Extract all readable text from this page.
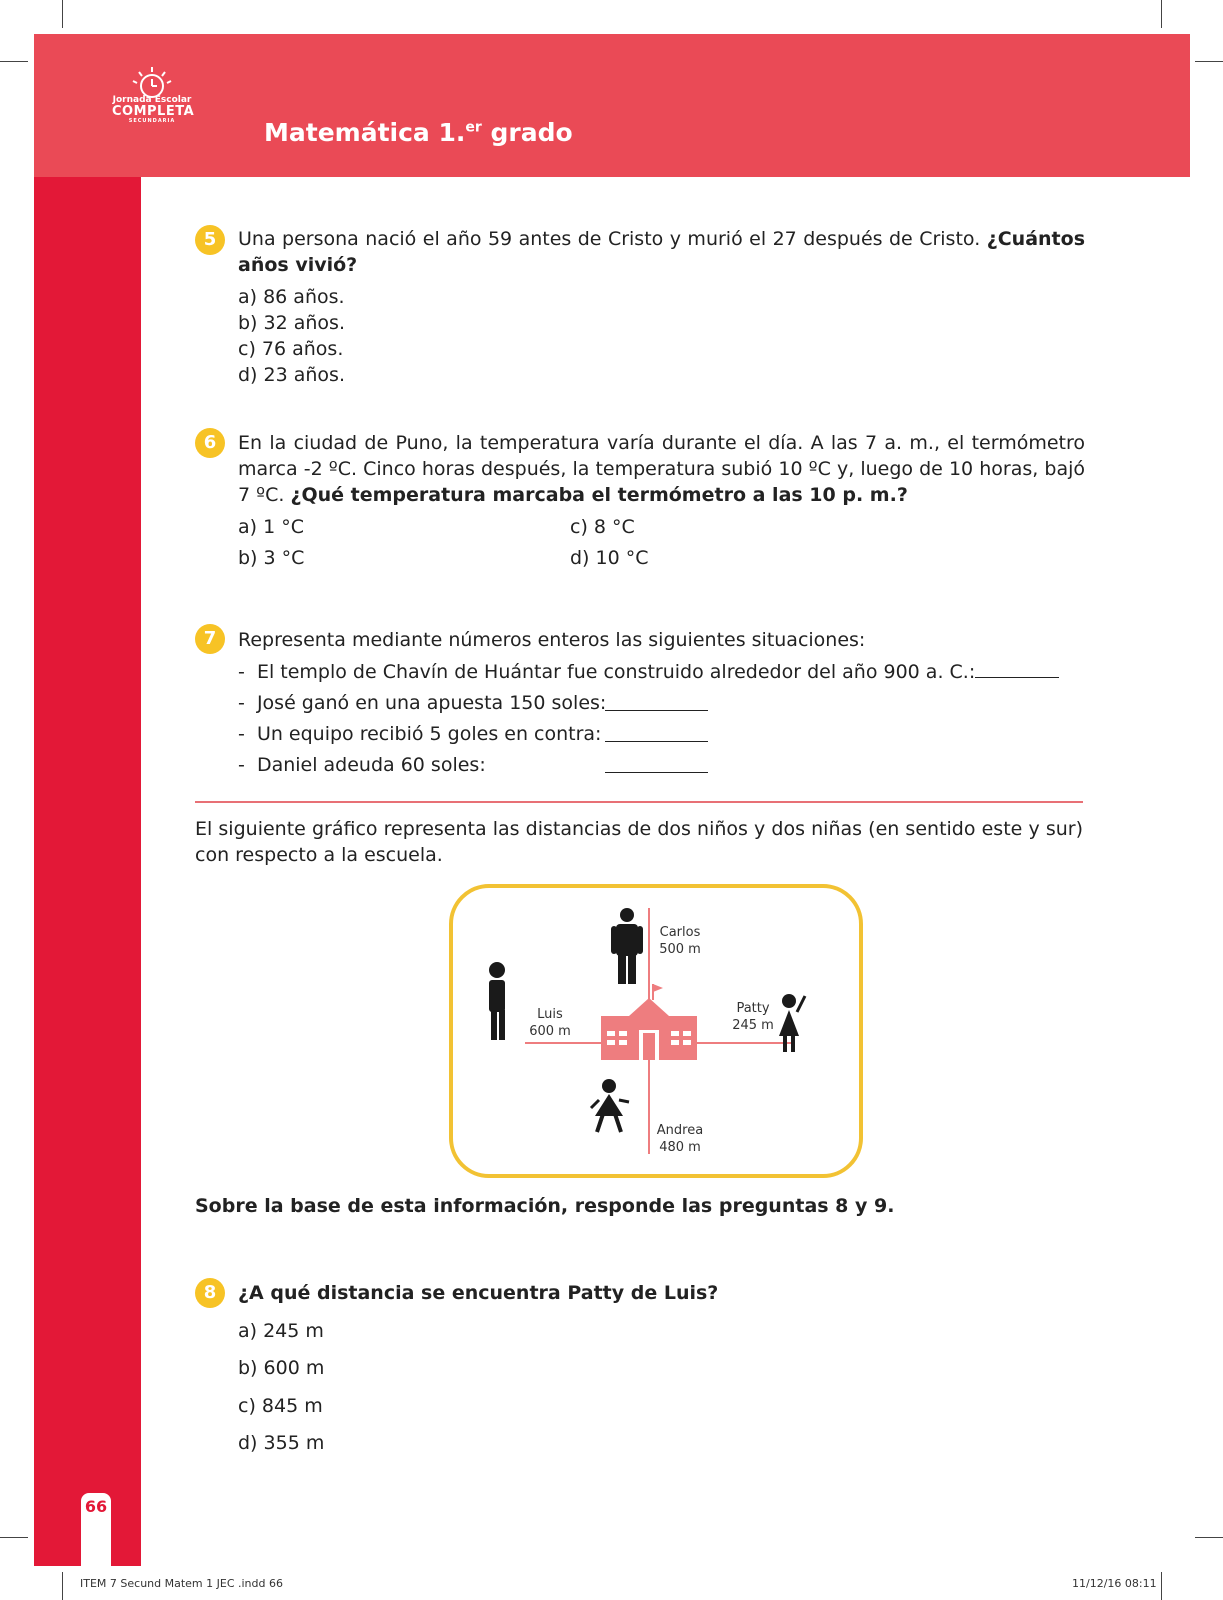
Jornada Escolar
COMPLETA
SECUNDARIA	Matemática 1.$^{er}$ grado
66
5	Una persona nació el año 59 antes de Cristo y murió el 27 después de Cristo. ¿Cuántos años vivió?
a) 86 años.
b) 32 años.
c) 76 años.
d) 23 años.
6	En la ciudad de Puno, la temperatura varía durante el día. A las 7 a. m., el termómetro marca -2 ºC. Cinco horas después, la temperatura subió 10 ºC y, luego de 10 horas, bajó 7 ºC. ¿Qué temperatura marcaba el termómetro a las 10 p. m.?
a) 1 °C
b) 3 °C
c) 8 °C
d) 10 °C
7	Representa mediante números enteros las siguientes situaciones:
-  El templo de Chavín de Huántar fue construido alrededor del año 900 a. C.:
-  José ganó en una apuesta 150 soles:
-  Un equipo recibió 5 goles en contra:
-  Daniel adeuda 60 soles:
El siguiente gráfico representa las distancias de dos niños y dos niñas (en sentido este y sur) con respecto a la escuela.
Carlos
500 m
Luis
600 m
Patty
245 m
Andrea
480 m
Sobre la base de esta información, responde las preguntas 8 y 9.
8	¿A qué distancia se encuentra Patty de Luis?
a) 245 m
b) 600 m
c) 845 m
d) 355 m
ITEM 7 Secund Matem 1 JEC .indd 66	11/12/16 08:11
